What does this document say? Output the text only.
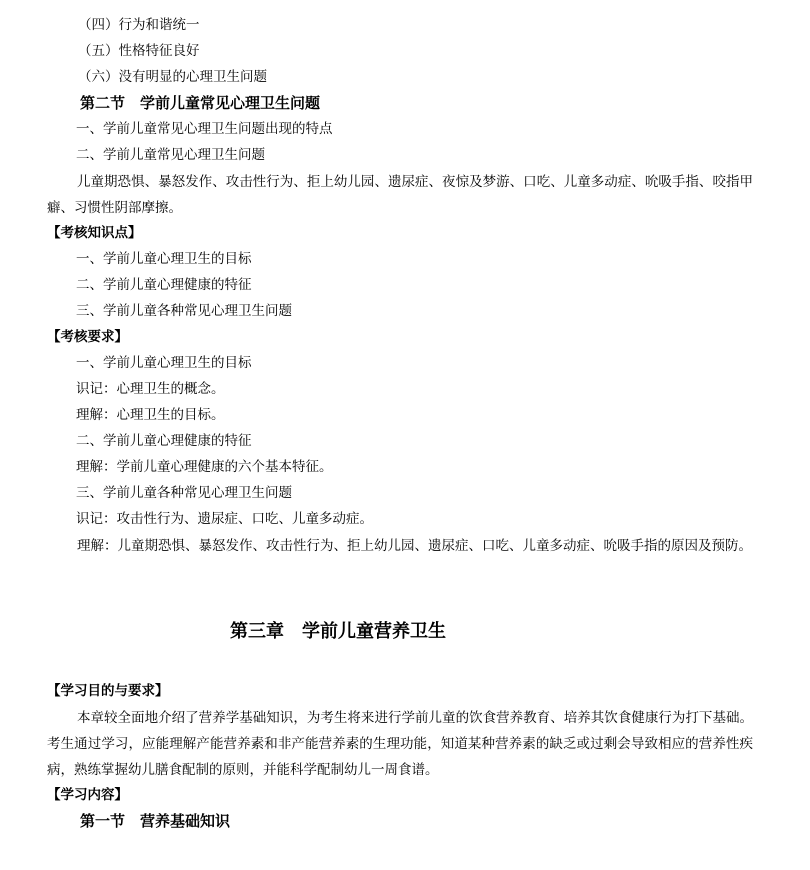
（四）行为和谐统一

（五）性格特征良好

（六）没有明显的心理卫生问题

第二节　学前儿童常见心理卫生问题

一、学前儿童常见心理卫生问题出现的特点

二、学前儿童常见心理卫生问题

儿童期恐惧、暴怒发作、攻击性行为、拒上幼儿园、遗尿症、夜惊及梦游、口吃、儿童多动症、吮吸手指、咬指甲癖、习惯性阴部摩擦。

【考核知识点】

一、学前儿童心理卫生的目标

二、学前儿童心理健康的特征

三、学前儿童各种常见心理卫生问题

【考核要求】

一、学前儿童心理卫生的目标

识记：心理卫生的概念。

理解：心理卫生的目标。

二、学前儿童心理健康的特征

理解：学前儿童心理健康的六个基本特征。

三、学前儿童各种常见心理卫生问题

识记：攻击性行为、遗尿症、口吃、儿童多动症。

理解：儿童期恐惧、暴怒发作、攻击性行为、拒上幼儿园、遗尿症、口吃、儿童多动症、吮吸手指的原因及预防。

第三章　学前儿童营养卫生

【学习目的与要求】

本章较全面地介绍了营养学基础知识，为考生将来进行学前儿童的饮食营养教育、培养其饮食健康行为打下基础。考生通过学习，应能理解产能营养素和非产能营养素的生理功能，知道某种营养素的缺乏或过剩会导致相应的营养性疾病，熟练掌握幼儿膳食配制的原则，并能科学配制幼儿一周食谱。

【学习内容】

第一节　营养基础知识
